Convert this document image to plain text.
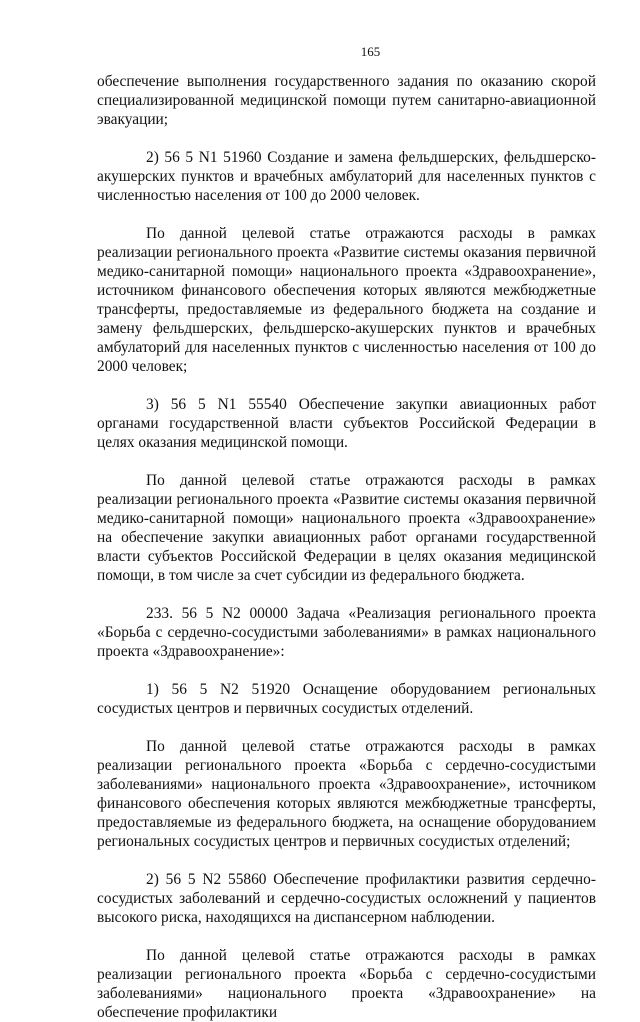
165

обеспечение выполнения государственного задания по оказанию скорой специализированной медицинской помощи путем санитарно-авиационной эвакуации;

2) 56 5 N1 51960 Создание и замена фельдшерских, фельдшерско-акушерских пунктов и врачебных амбулаторий для населенных пунктов с численностью населения от 100 до 2000 человек.

По данной целевой статье отражаются расходы в рамках реализации регионального проекта «Развитие системы оказания первичной медико-санитарной помощи» национального проекта «Здравоохранение», источником финансового обеспечения которых являются межбюджетные трансферты, предоставляемые из федерального бюджета на создание и замену фельдшерских, фельдшерско-акушерских пунктов и врачебных амбулаторий для населенных пунктов с численностью населения от 100 до 2000 человек;

3) 56 5 N1 55540 Обеспечение закупки авиационных работ органами государственной власти субъектов Российской Федерации в целях оказания медицинской помощи.

По данной целевой статье отражаются расходы в рамках реализации регионального проекта «Развитие системы оказания первичной медико-санитарной помощи» национального проекта «Здравоохранение» на обеспечение закупки авиационных работ органами государственной власти субъектов Российской Федерации в целях оказания медицинской помощи, в том числе за счет субсидии из федерального бюджета.

233. 56 5 N2 00000 Задача «Реализация регионального проекта «Борьба с сердечно-сосудистыми заболеваниями» в рамках национального проекта «Здравоохранение»:

1) 56 5 N2 51920 Оснащение оборудованием региональных сосудистых центров и первичных сосудистых отделений.

По данной целевой статье отражаются расходы в рамках реализации регионального проекта «Борьба с сердечно-сосудистыми заболеваниями» национального проекта «Здравоохранение», источником финансового обеспечения которых являются межбюджетные трансферты, предоставляемые из федерального бюджета, на оснащение оборудованием региональных сосудистых центров и первичных сосудистых отделений;

2) 56 5 N2 55860 Обеспечение профилактики развития сердечно-сосудистых заболеваний и сердечно-сосудистых осложнений у пациентов высокого риска, находящихся на диспансерном наблюдении.

По данной целевой статье отражаются расходы в рамках реализации регионального проекта «Борьба с сердечно-сосудистыми заболеваниями» национального проекта «Здравоохранение» на обеспечение профилактики
